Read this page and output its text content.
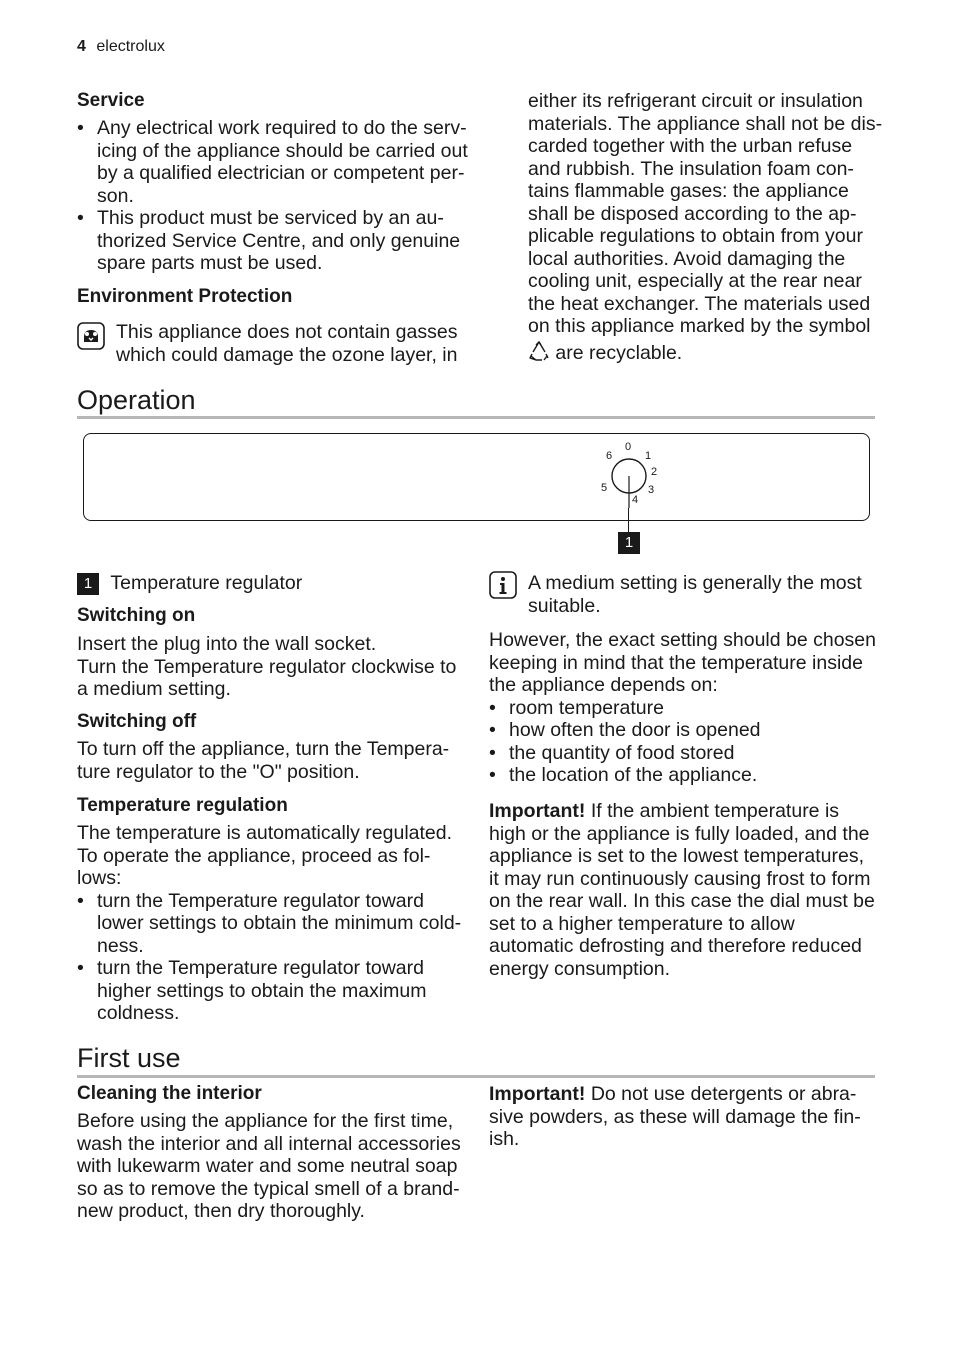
4 electrolux
Service
• Any electrical work required to do the serv-
icing of the appliance should be carried out
by a qualified electrician or competent per-
son.
• This product must be serviced by an au-
thorized Service Centre, and only genuine
spare parts must be used.
Environment Protection
This appliance does not contain gasses
which could damage the ozone layer, in
either its refrigerant circuit or insulation
materials. The appliance shall not be dis-
carded together with the urban refuse
and rubbish. The insulation foam con-
tains flammable gases: the appliance
shall be disposed according to the ap-
plicable regulations to obtain from your
local authorities. Avoid damaging the
cooling unit, especially at the rear near
the heat exchanger. The materials used
on this appliance marked by the symbol
are recyclable.
Operation
0
1
2
3
4
5
6
1
1 Temperature regulator
Switching on
Insert the plug into the wall socket.
Turn the Temperature regulator clockwise to
a medium setting.
Switching off
To turn off the appliance, turn the Tempera-
ture regulator to the "O" position.
Temperature regulation
The temperature is automatically regulated.
To operate the appliance, proceed as fol-
lows:
• turn the Temperature regulator toward
lower settings to obtain the minimum cold-
ness.
• turn the Temperature regulator toward
higher settings to obtain the maximum
coldness.
A medium setting is generally the most
suitable.
However, the exact setting should be chosen
keeping in mind that the temperature inside
the appliance depends on:
• room temperature
• how often the door is opened
• the quantity of food stored
• the location of the appliance.
Important! If the ambient temperature is
high or the appliance is fully loaded, and the
appliance is set to the lowest temperatures,
it may run continuously causing frost to form
on the rear wall. In this case the dial must be
set to a higher temperature to allow
automatic defrosting and therefore reduced
energy consumption.
First use
Cleaning the interior
Before using the appliance for the first time,
wash the interior and all internal accessories
with lukewarm water and some neutral soap
so as to remove the typical smell of a brand-
new product, then dry thoroughly.
Important! Do not use detergents or abra-
sive powders, as these will damage the fin-
ish.
